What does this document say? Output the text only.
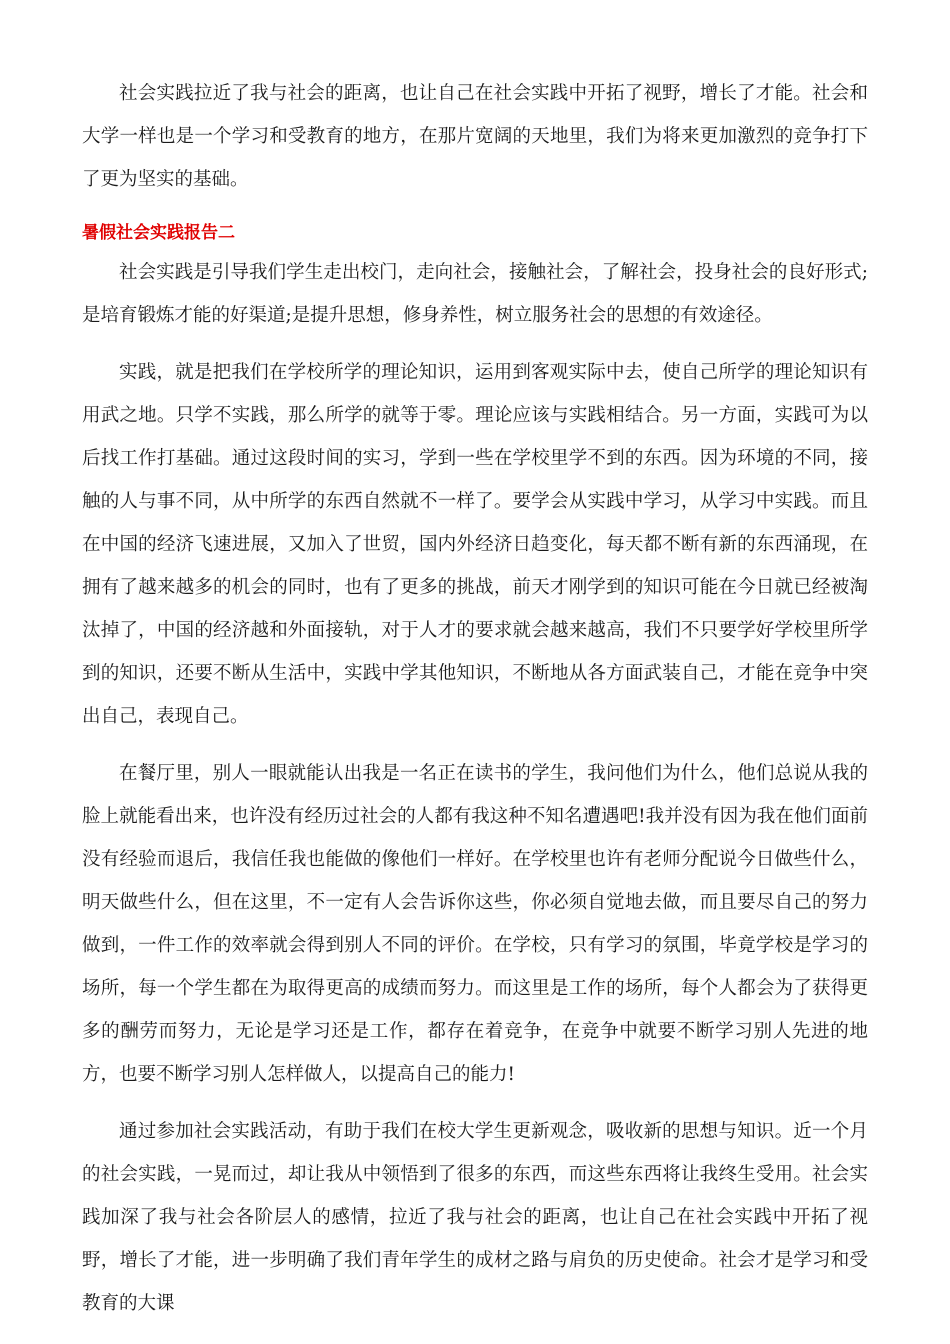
社会实践拉近了我与社会的距离，也让自己在社会实践中开拓了视野，增长了才能。社会和大学一样也是一个学习和受教育的地方，在那片宽阔的天地里，我们为将来更加激烈的竞争打下了更为坚实的基础。

暑假社会实践报告二

社会实践是引导我们学生走出校门，走向社会，接触社会，了解社会，投身社会的良好形式;是培育锻炼才能的好渠道;是提升思想，修身养性，树立服务社会的思想的有效途径。

实践，就是把我们在学校所学的理论知识，运用到客观实际中去，使自己所学的理论知识有用武之地。只学不实践，那么所学的就等于零。理论应该与实践相结合。另一方面，实践可为以后找工作打基础。通过这段时间的实习，学到一些在学校里学不到的东西。因为环境的不同，接触的人与事不同，从中所学的东西自然就不一样了。要学会从实践中学习，从学习中实践。而且在中国的经济飞速进展，又加入了世贸，国内外经济日趋变化，每天都不断有新的东西涌现，在拥有了越来越多的机会的同时，也有了更多的挑战，前天才刚学到的知识可能在今日就已经被淘汰掉了，中国的经济越和外面接轨，对于人才的要求就会越来越高，我们不只要学好学校里所学到的知识，还要不断从生活中，实践中学其他知识，不断地从各方面武装自己，才能在竞争中突出自己，表现自己。

在餐厅里，别人一眼就能认出我是一名正在读书的学生，我问他们为什么，他们总说从我的脸上就能看出来，也许没有经历过社会的人都有我这种不知名遭遇吧!我并没有因为我在他们面前没有经验而退后，我信任我也能做的像他们一样好。在学校里也许有老师分配说今日做些什么，明天做些什么，但在这里，不一定有人会告诉你这些，你必须自觉地去做，而且要尽自己的努力做到，一件工作的效率就会得到别人不同的评价。在学校，只有学习的氛围，毕竟学校是学习的场所，每一个学生都在为取得更高的成绩而努力。而这里是工作的场所，每个人都会为了获得更多的酬劳而努力，无论是学习还是工作，都存在着竞争，在竞争中就要不断学习别人先进的地方，也要不断学习别人怎样做人，以提高自己的能力!

通过参加社会实践活动，有助于我们在校大学生更新观念，吸收新的思想与知识。近一个月的社会实践，一晃而过，却让我从中领悟到了很多的东西，而这些东西将让我终生受用。社会实践加深了我与社会各阶层人的感情，拉近了我与社会的距离，也让自己在社会实践中开拓了视野，增长了才能，进一步明确了我们青年学生的成材之路与肩负的历史使命。社会才是学习和受教育的大课
